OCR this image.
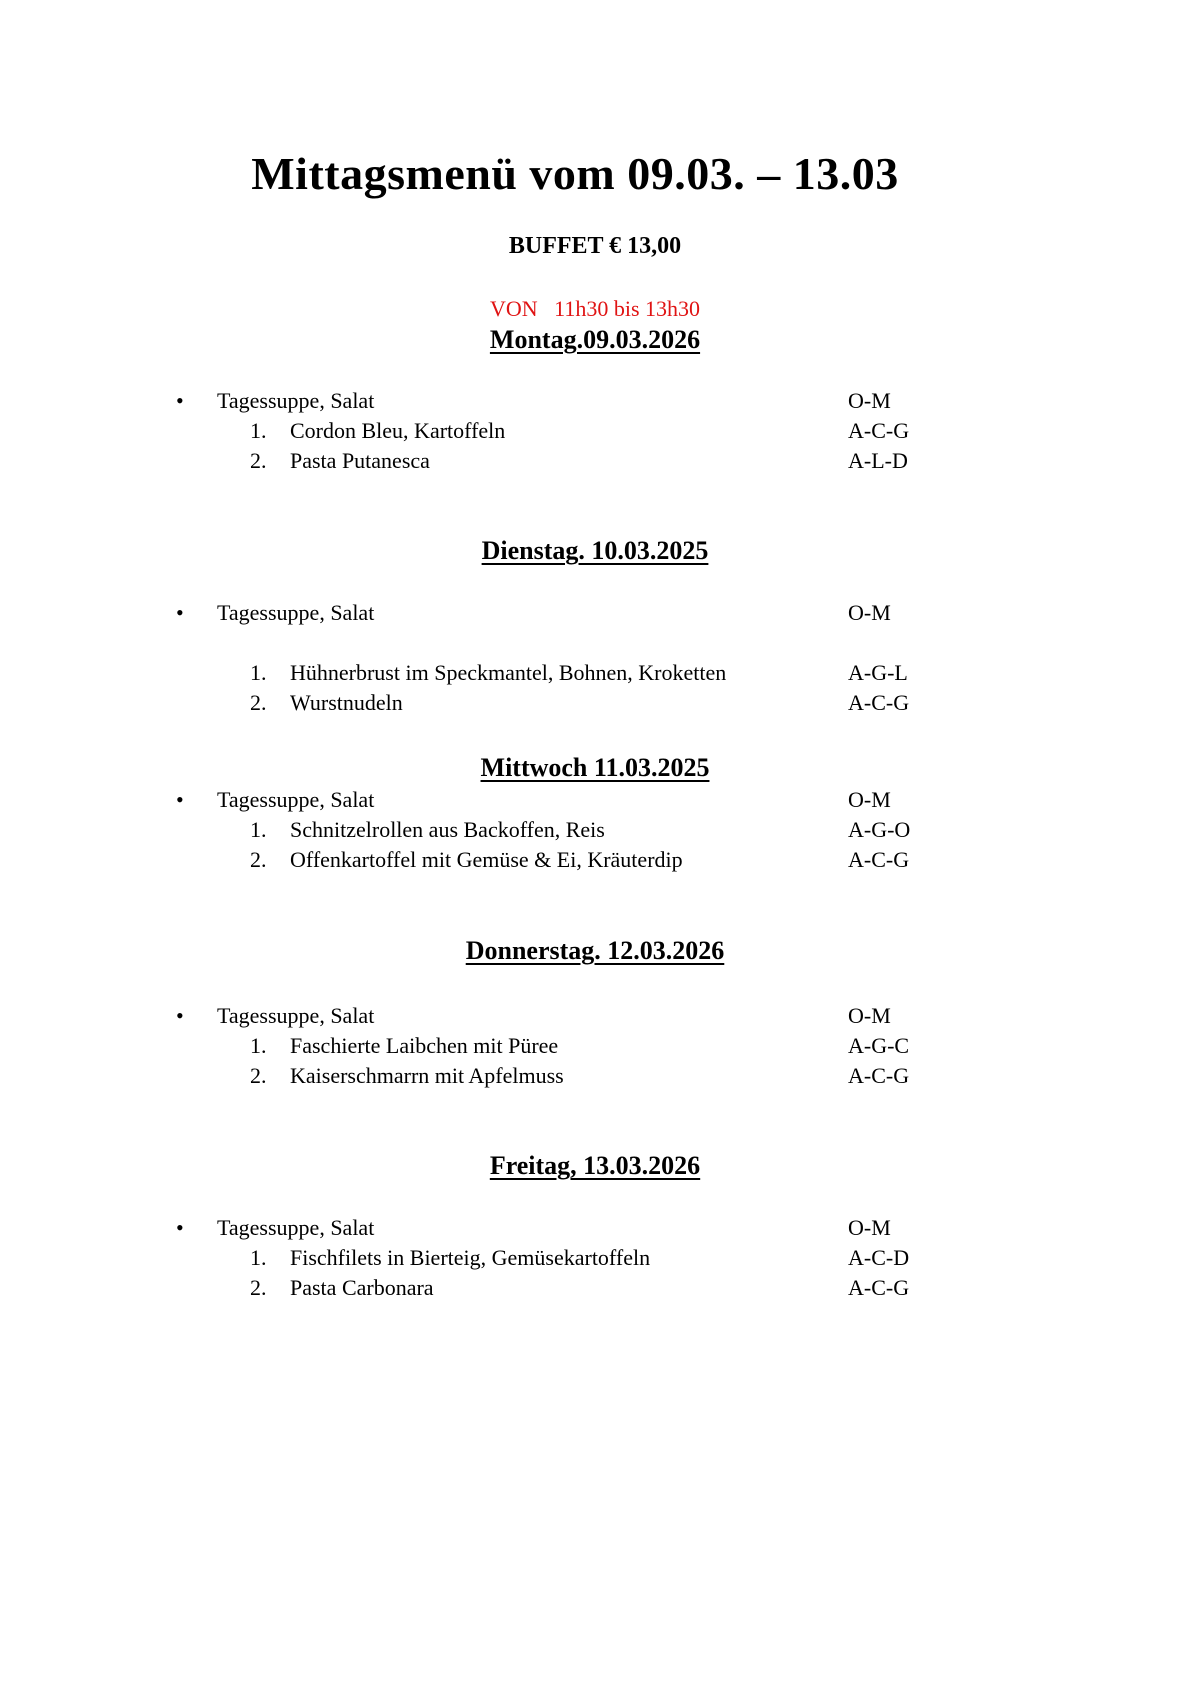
Mittagsmenü vom 09.03. – 13.03
BUFFET € 13,00
VON   11h30 bis 13h30
Montag.09.03.2026
• Tagessuppe, Salat	O-M
1. Cordon Bleu, Kartoffeln	A-C-G
2. Pasta Putanesca	A-L-D
Dienstag. 10.03.2025
• Tagessuppe, Salat	O-M
1. Hühnerbrust im Speckmantel, Bohnen, Kroketten	A-G-L
2. Wurstnudeln	A-C-G
Mittwoch 11.03.2025
• Tagessuppe, Salat	O-M
1. Schnitzelrollen aus Backoffen, Reis	A-G-O
2. Offenkartoffel mit Gemüse & Ei, Kräuterdip	A-C-G
Donnerstag. 12.03.2026
• Tagessuppe, Salat	O-M
1. Faschierte Laibchen mit Püree	A-G-C
2. Kaiserschmarrn mit Apfelmuss	A-C-G
Freitag, 13.03.2026
• Tagessuppe, Salat	O-M
1. Fischfilets in Bierteig, Gemüsekartoffeln	A-C-D
2. Pasta Carbonara	A-C-G
